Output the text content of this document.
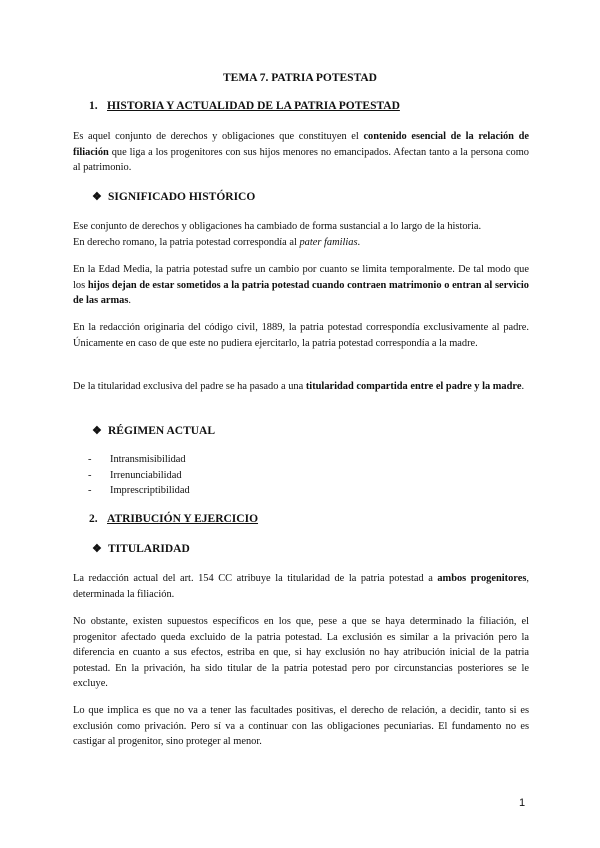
TEMA 7. PATRIA POTESTAD
1. HISTORIA Y ACTUALIDAD DE LA PATRIA POTESTAD
Es aquel conjunto de derechos y obligaciones que constituyen el contenido esencial de la relación de filiación que liga a los progenitores con sus hijos menores no emancipados. Afectan tanto a la persona como al patrimonio.
❖ SIGNIFICADO HISTÓRICO
Ese conjunto de derechos y obligaciones ha cambiado de forma sustancial a lo largo de la historia.
En derecho romano, la patria potestad correspondía al pater familias.
En la Edad Media, la patria potestad sufre un cambio por cuanto se limita temporalmente. De tal modo que los hijos dejan de estar sometidos a la patria potestad cuando contraen matrimonio o entran al servicio de las armas.
En la redacción originaria del código civil, 1889, la patria potestad correspondía exclusivamente al padre. Únicamente en caso de que este no pudiera ejercitarlo, la patria potestad correspondía a la madre.
De la titularidad exclusiva del padre se ha pasado a una titularidad compartida entre el padre y la madre.
❖ RÉGIMEN ACTUAL
- Intransmisibilidad
- Irrenunciabilidad
- Imprescriptibilidad
2. ATRIBUCIÓN Y EJERCICIO
❖ TITULARIDAD
La redacción actual del art. 154 CC atribuye la titularidad de la patria potestad a ambos progenitores, determinada la filiación.
No obstante, existen supuestos específicos en los que, pese a que se haya determinado la filiación, el progenitor afectado queda excluido de la patria potestad. La exclusión es similar a la privación pero la diferencia en cuanto a sus efectos, estriba en que, si hay exclusión no hay atribución inicial de la patria potestad. En la privación, ha sido titular de la patria potestad pero por circunstancias posteriores se le excluye.
Lo que implica es que no va a tener las facultades positivas, el derecho de relación, a decidir, tanto si es exclusión como privación. Pero sí va a continuar con las obligaciones pecuniarias. El fundamento no es castigar al progenitor, sino proteger al menor.
1
